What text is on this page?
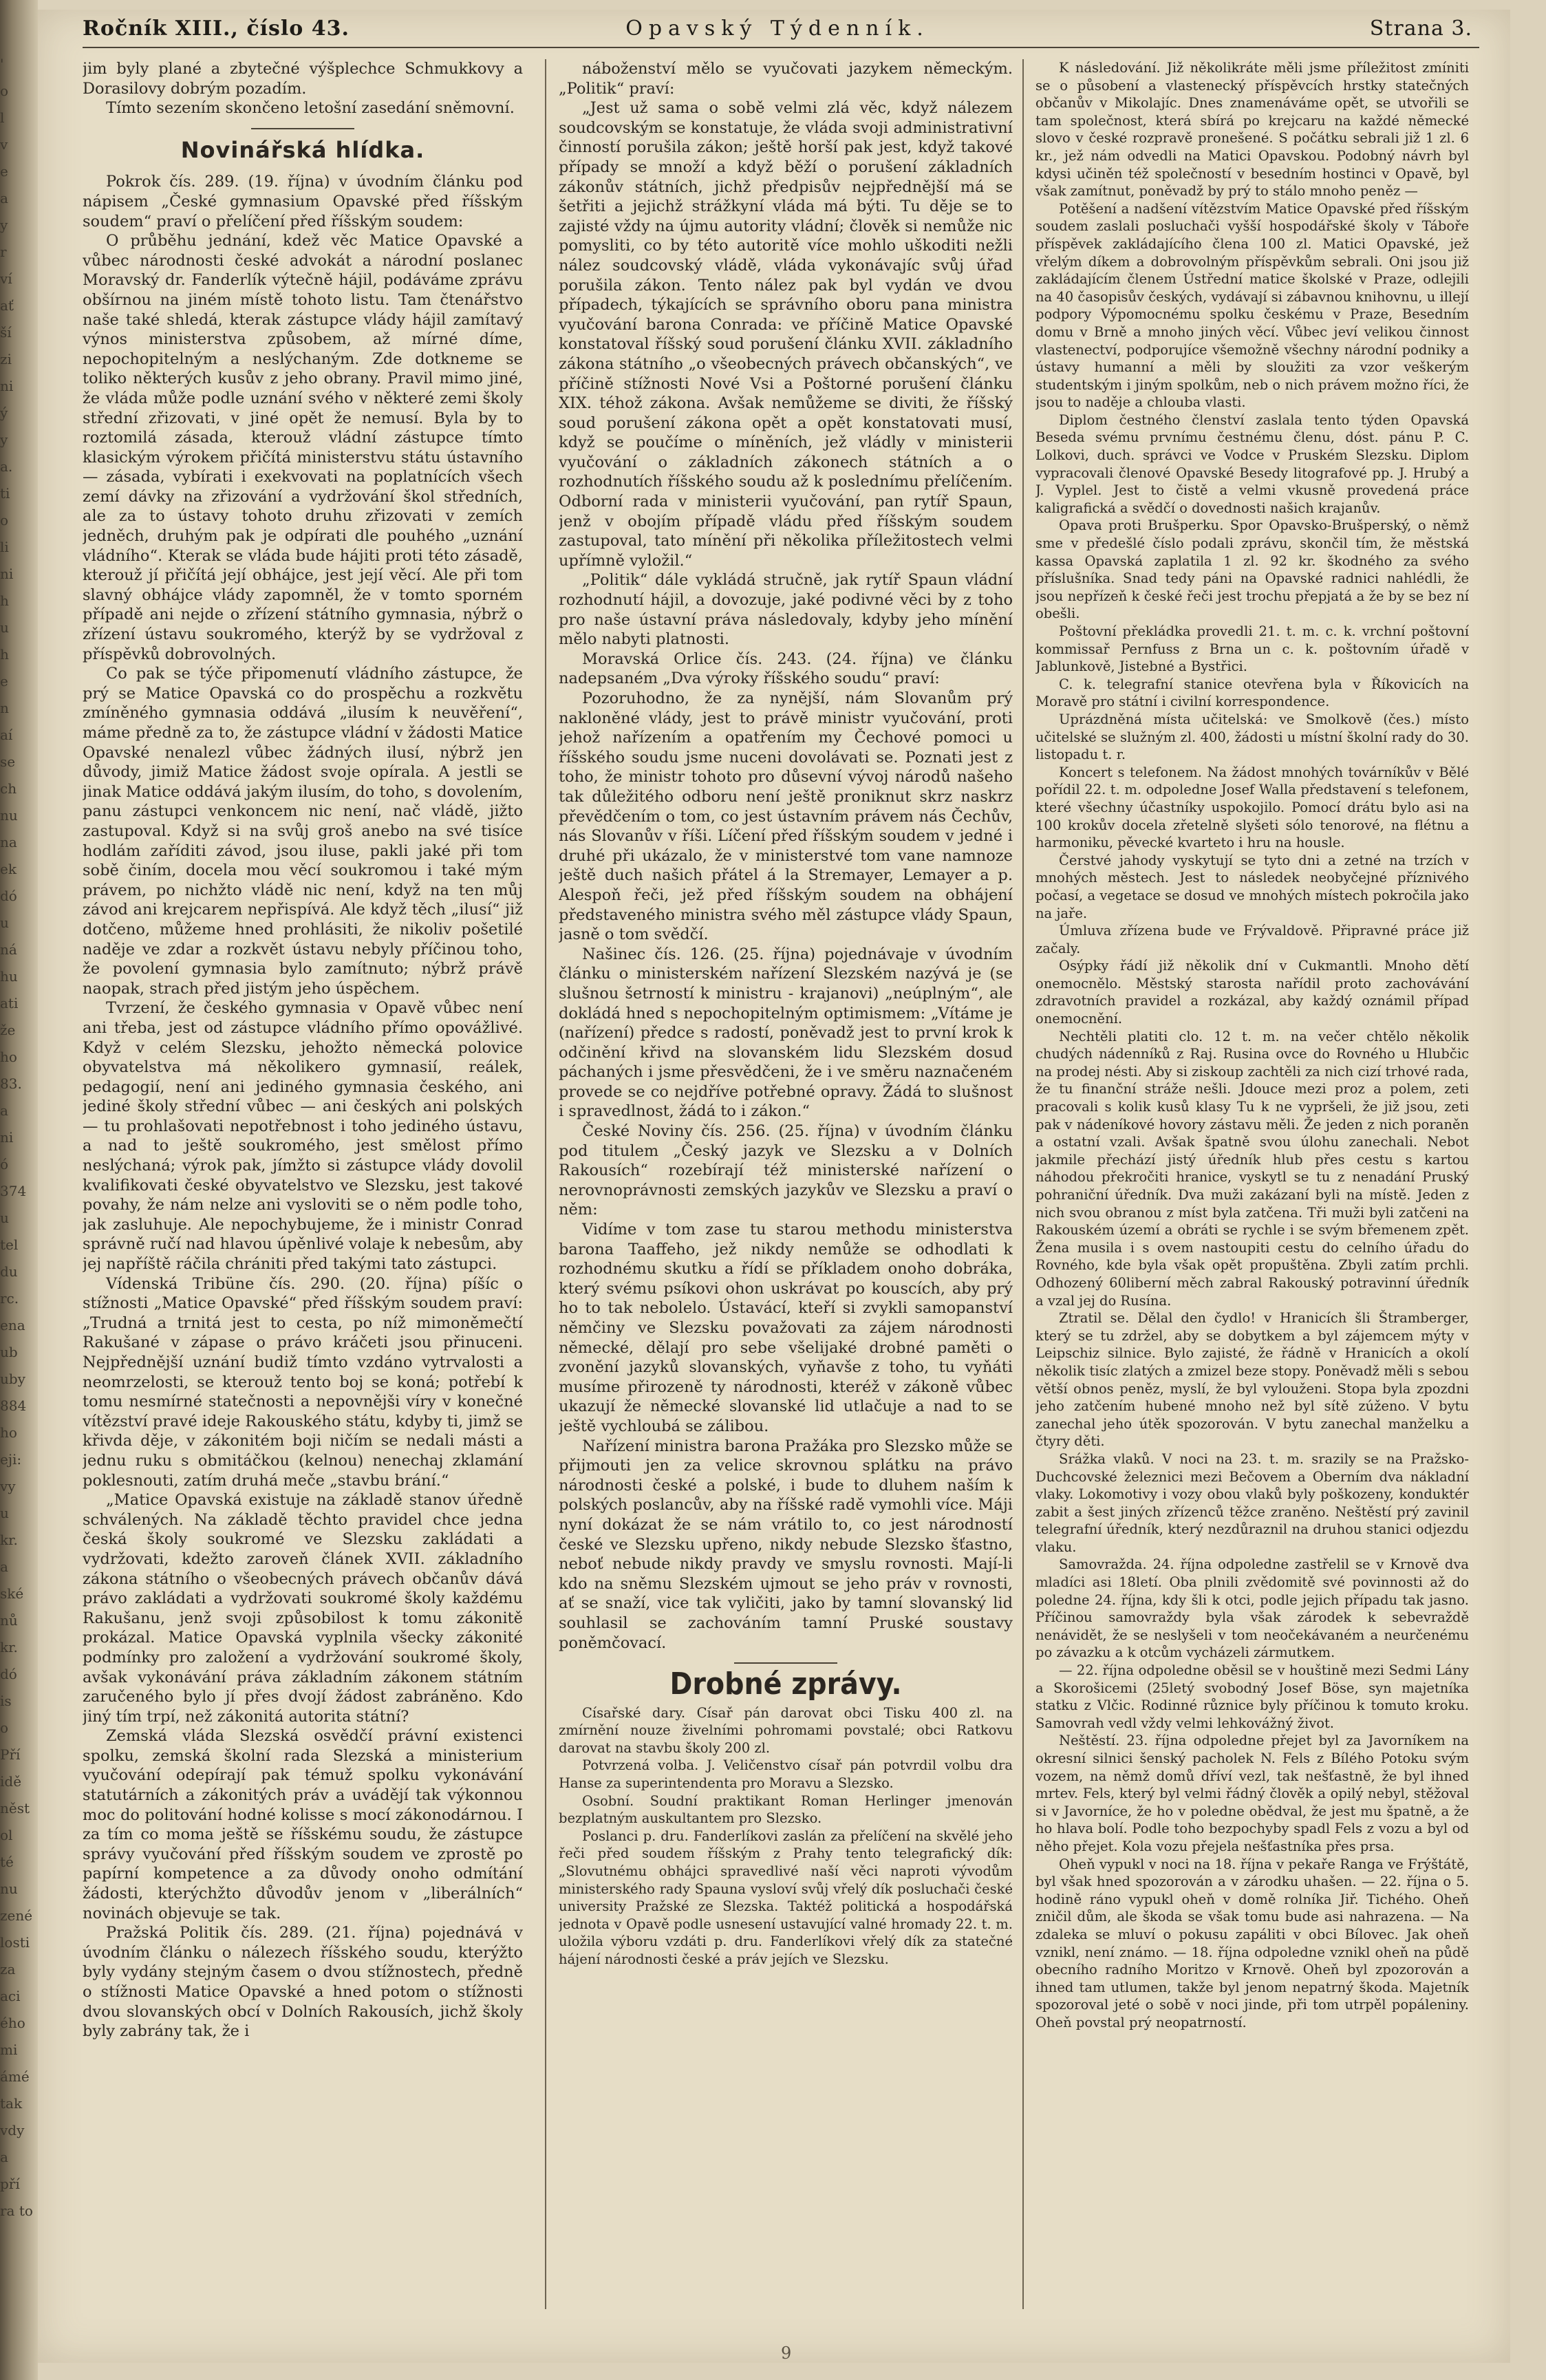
'
o
l
v
e
a
y
r
ví
ať
ší
zi
ni
ý
y
a.
ti
o
li
ni
h
u
h
e
n
aí
se
ch
nu
na
ek
dó
u
ná
hu
ati
že
ho
83.
a
ni
ó
374
u
tel
du
rc.
ena
ub
uby
884
ho
eji:
vy
u
kr.
a
ské
nů
kr.
dó
is
o
Pří
idě
něst
ol
té
nu
zené
losti
za
aci
ého
mi
ámé
tak
vdy
a
pří
ra to
Ročník XIII., číslo 43.	Opavský Týdenník.	Strana 3.

jim byly plané a zbytečné výšplechce Schmukkovy a Dorasilovy dobrým pozadím.

Tímto sezením skončeno letošní zasedání sněmovní.

Novinářská hlídka.

Pokrok čís. 289. (19. října) v úvodním článku pod nápisem „České gymnasium Opavské před říšským soudem“ praví o přelíčení před říšským soudem:

O průběhu jednání, kdež věc Matice Opavské a vůbec národnosti české advokát a národní poslanec Moravský dr. Fanderlík výtečně hájil, podáváme zprávu obšírnou na jiném místě tohoto listu. Tam čtenářstvo naše také shledá, kterak zástupce vlády hájil zamítavý výnos ministerstva způsobem, až mírné díme, nepochopitelným a neslýchaným. Zde dotkneme se toliko některých kusův z jeho obrany. Pravil mimo jiné, že vláda může podle uznání svého v některé zemi školy střední zřizovati, v jiné opět že nemusí. Byla by to roztomilá zásada, kterouž vládní zástupce tímto klasickým výrokem přičítá ministerstvu státu ústavního — zásada, vybírati i exekvovati na poplatnících všech zemí dávky na zřizování a vydržování škol středních, ale za to ústavy tohoto druhu zřizovati v zemích jedněch, druhým pak je odpírati dle pouhého „uznání vládního“. Kterak se vláda bude hájiti proti této zásadě, kterouž jí přičítá její obhájce, jest její věcí. Ale při tom slavný obhájce vlády zapomněl, že v tomto sporném případě ani nejde o zřízení státního gymnasia, nýbrž o zřízení ústavu soukromého, kterýž by se vydržoval z příspěvků dobrovolných.

Co pak se týče připomenutí vládního zástupce, že prý se Matice Opavská co do prospěchu a rozkvětu zmíněného gymnasia oddává „ilusím k neuvěření“, máme předně za to, že zástupce vládní v žádosti Matice Opavské nenalezl vůbec žádných ilusí, nýbrž jen důvody, jimiž Matice žádost svoje opírala. A jestli se jinak Matice oddává jakým ilusím, do toho, s dovolením, panu zástupci venkoncem nic není, nač vládě, jižto zastupoval. Když si na svůj groš anebo na své tisíce hodlám zaříditi závod, jsou iluse, pakli jaké při tom sobě činím, docela mou věcí soukromou i také mým právem, po nichžto vládě nic není, když na ten můj závod ani krejcarem nepřispívá. Ale když těch „ilusí“ již dotčeno, můžeme hned prohlásiti, že nikoliv pošetilé naděje ve zdar a rozkvět ústavu nebyly příčinou toho, že povolení gymnasia bylo zamítnuto; nýbrž právě naopak, strach před jistým jeho úspěchem.

Tvrzení, že českého gymnasia v Opavě vůbec není ani třeba, jest od zástupce vládního přímo opovážlivé. Když v celém Slezsku, jehožto německá polovice obyvatelstva má několikero gymnasií, reálek, pedagogií, není ani jediného gymnasia českého, ani jediné školy střední vůbec — ani českých ani polských — tu prohlašovati nepotřebnost i toho jediného ústavu, a nad to ještě soukromého, jest smělost přímo neslýchaná; výrok pak, jímžto si zástupce vlády dovolil kvalifikovati české obyvatelstvo ve Slezsku, jest takové povahy, že nám nelze ani vysloviti se o něm podle toho, jak zasluhuje. Ale nepochybujeme, že i ministr Conrad správně ručí nad hlavou úpěnlivé volaje k nebesům, aby jej napříště ráčila chrániti před takými tato zástupci.

Vídenská Tribüne čís. 290. (20. října) píšíc o stížnosti „Matice Opavské“ před říšským soudem praví: „Trudná a trnitá jest to cesta, po níž mimoněmečtí Rakušané v zápase o právo kráčeti jsou přinuceni. Nejpřednější uznání budiž tímto vzdáno vytrvalosti a neomrzelosti, se kterouž tento boj se koná; potřebí k tomu nesmírné statečnosti a nepovnějši víry v konečné vítězství pravé ideje Rakouského státu, kdyby ti, jimž se křivda děje, v zákonitém boji ničím se nedali másti a jednu ruku s obmitáčkou (kelnou) nenechaj zklamání poklesnouti, zatím druhá meče „stavbu brání.“

„Matice Opavská existuje na základě stanov úředně schválených. Na základě těchto pravidel chce jedna česká školy soukromé ve Slezsku zakládati a vydržovati, kdežto zaroveň článek XVII. základního zákona státního o všeobecných právech občanův dává právo zakládati a vydržovati soukromé školy každému Rakušanu, jenž svoji způsobilost k tomu zákonitě prokázal. Matice Opavská vyplnila všecky zákonité podmínky pro založení a vydržování soukromé školy, avšak vykonávání práva základním zákonem státním zaručeného bylo jí přes dvojí žádost zabráněno. Kdo jiný tím trpí, než zákonitá autorita státní?

Zemská vláda Slezská osvědčí právní existenci spolku, zemská školní rada Slezská a ministerium vyučování odepírají pak témuž spolku vykonávání statutárních a zákonitých práv a uvádějí tak výkonnou moc do politování hodné kolisse s mocí zákonodárnou. I za tím co moma ještě se říšskému soudu, že zástupce správy vyučování před říšským soudem ve zprostě po papírní kompetence a za důvody onoho odmítání žádosti, kterýchžto důvodův jenom v „liberálních“ novinách objevuje se tak.

Pražská Politik čís. 289. (21. října) pojednává v úvodním článku o nálezech říšského soudu, kterýžto byly vydány stejným časem o dvou stížnostech, předně o stížnosti Matice Opavské a hned potom o stížnosti dvou slovanských obcí v Dolních Rakousích, jichž školy byly zabrány tak, že i

náboženství mělo se vyučovati jazykem německým. „Politik“ praví:

„Jest už sama o sobě velmi zlá věc, když nálezem soudcovským se konstatuje, že vláda svoji administrativní činností porušila zákon; ještě horší pak jest, když takové případy se množí a když běží o porušení základních zákonův státních, jichž předpisův nejpřednější má se šetřiti a jejichž strážkyní vláda má býti. Tu děje se to zajisté vždy na újmu autority vládní; člověk si nemůže nic pomysliti, co by této autoritě více mohlo uškoditi nežli nález soudcovský vládě, vláda vykonávajíc svůj úřad porušila zákon. Tento nález pak byl vydán ve dvou případech, týkajících se správního oboru pana ministra vyučování barona Conrada: ve příčině Matice Opavské konstatoval říšský soud porušení článku XVII. základního zákona státního „o všeobecných právech občanských“, ve příčině stížnosti Nové Vsi a Poštorné porušení článku XIX. téhož zákona. Avšak nemůžeme se diviti, že říšský soud porušení zákona opět a opět konstatovati musí, když se poučíme o míněních, jež vládly v ministerii vyučování o základních zákonech státních a o rozhodnutích říšského soudu až k poslednímu přelíčením. Odborní rada v ministerii vyučování, pan rytíř Spaun, jenž v obojím případě vládu před říšským soudem zastupoval, tato mínění při několika příležitostech velmi upřímně vyložil.“

„Politik“ dále vykládá stručně, jak rytíř Spaun vládní rozhodnutí hájil, a dovozuje, jaké podivné věci by z toho pro naše ústavní práva následovaly, kdyby jeho mínění mělo nabyti platnosti.

Moravská Orlice čís. 243. (24. října) ve článku nadepsaném „Dva výroky říšského soudu“ praví:

Pozoruhodno, že za nynější, nám Slovanům prý nakloněné vlády, jest to právě ministr vyučování, proti jehož nařízením a opatřením my Čechové pomoci u říšského soudu jsme nuceni dovolávati se. Poznati jest z toho, že ministr tohoto pro důsevní vývoj národů našeho tak důležitého odboru není ještě proniknut skrz naskrz převědčením o tom, co jest ústavním právem nás Čechův, nás Slovanův v říši. Líčení před říšským soudem v jedné i druhé při ukázalo, že v ministerstvé tom vane namnoze ještě duch našich přátel á la Stremayer, Lemayer a p. Alespoň řeči, jež před říšským soudem na obhájení představeného ministra svého měl zástupce vlády Spaun, jasně o tom svědčí.

Našinec čís. 126. (25. října) pojednávaje v úvodním článku o ministerském nařízení Slezském nazývá je (se slušnou šetrností k ministru - krajanovi) „neúplným“, ale dokládá hned s nepochopitelným optimismem: „Vítáme je (nařízení) předce s radostí, poněvadž jest to první krok k odčinění křivd na slovanském lidu Slezském dosud páchaných i jsme přesvědčeni, že i ve směru naznačeném provede se co nejdříve potřebné opravy. Žádá to slušnost i spravedlnost, žádá to i zákon.“

České Noviny čís. 256. (25. října) v úvodním článku pod titulem „Český jazyk ve Slezsku a v Dolních Rakousích“ rozebírají též ministerské nařízení o nerovnoprávnosti zemských jazykův ve Slezsku a praví o něm:

Vidíme v tom zase tu starou methodu ministerstva barona Taaffeho, jež nikdy nemůže se odhodlati k rozhodnému skutku a řídí se příkladem onoho dobráka, který svému psíkovi ohon uskrávat po kouscích, aby prý ho to tak nebolelo. Ústavácí, kteří si zvykli samopanství němčiny ve Slezsku považovati za zájem národnosti německé, dělají pro sebe všelijaké drobné paměti o zvonění jazyků slovanských, vyňavše z toho, tu vyňáti musíme přirozeně ty národnosti, kteréž v zákoně vůbec ukazují že německé slovanské lid utlačuje a nad to se ještě vychloubá se zálibou.

Nařízení ministra barona Pražáka pro Slezsko může se přijmouti jen za velice skrovnou splátku na právo národnosti české a polské, i bude to dluhem naším k polských poslancův, aby na říšské radě vymohli více. Máji nyní dokázat že se nám vrátilo to, co jest národností české ve Slezsku upřeno, nikdy nebude Slezsko šťastno, neboť nebude nikdy pravdy ve smyslu rovnosti. Mají-li kdo na sněmu Slezském ujmout se jeho práv v rovnosti, ať se snaží, vice tak vyličiti, jako by tamní slovanský lid souhlasil se zachováním tamní Pruské soustavy poněmčovací.

Drobné zprávy.

Císařské dary. Císař pán darovat obci Tisku 400 zl. na zmírnění nouze živelními pohromami povstalé; obci Ratkovu darovat na stavbu školy 200 zl.

Potvrzená volba. J. Veličenstvo císař pán potvrdil volbu dra Hanse za superintendenta pro Moravu a Slezsko.

Osobní. Soudní praktikant Roman Herlinger jmenován bezplatným auskultantem pro Slezsko.

Poslanci p. dru. Fanderlíkovi zaslán za přelíčení na skvělé jeho řeči před soudem říšským z Prahy tento telegrafický dík: „Slovutnému obhájci spravedlivé naší věci naproti vývodům ministerského rady Spauna vysloví svůj vřelý dík posluchači české university Pražské ze Slezska. Taktéž politická a hospodářská jednota v Opavě podle usnesení ustavující valné hromady 22. t. m. uložila výboru vzdáti p. dru. Fanderlíkovi vřelý dík za statečné hájení národnosti české a práv jejích ve Slezsku.

K následování. Již několikráte měli jsme příležitost zmíniti se o působení a vlastenecký příspěvcích hrstky statečných občanův v Mikolajíc. Dnes znamenáváme opět, se utvořili se tam společnost, která sbírá po krejcaru na každé německé slovo v české rozpravě pronešené. S počátku sebrali již 1 zl. 6 kr., jež nám odvedli na Matici Opavskou. Podobný návrh byl kdysi učiněn též společností v besedním hostinci v Opavě, byl však zamítnut, poněvadž by prý to stálo mnoho peněz —

Potěšení a nadšení vítězstvím Matice Opavské před říšským soudem zaslali posluchači vyšší hospodářské školy v Táboře příspěvek zakládajícího člena 100 zl. Matici Opavské, jež vřelým díkem a dobrovolným příspěvkům sebrali. Oni jsou již zakládajícím členem Ústřední matice školské v Praze, odlejili na 40 časopisův českých, vydávají si zábavnou knihovnu, u illejí podpory Výpomocnému spolku českému v Praze, Besedním domu v Brně a mnoho jiných věcí. Vůbec jeví velikou činnost vlastenectví, podporujíce všemožně všechny národní podniky a ústavy humanní a měli by sloužiti za vzor veškerým studentským i jiným spolkům, neb o nich právem možno říci, že jsou to naděje a chlouba vlasti.

Diplom čestného členství zaslala tento týden Opavská Beseda svému prvnímu čestnému členu, dóst. pánu P. C. Lolkovi, duch. správci ve Vodce v Pruském Slezsku. Diplom vypracovali členové Opavské Besedy litografové pp. J. Hrubý a J. Vyplel. Jest to čistě a velmi vkusně provedená práce kaligrafická a svědčí o dovednosti našich krajanův.

Opava proti Brušperku. Spor Opavsko-Brušperský, o němž sme v předešlé číslo podali zprávu, skončil tím, že městská kassa Opavská zaplatila 1 zl. 92 kr. škodného za svého příslušníka. Snad tedy páni na Opavské radnici nahlédli, že jsou nepřízeň k české řeči jest trochu přepjatá a že by se bez ní obešli.

Poštovní překládka provedli 21. t. m. c. k. vrchní poštovní kommissař Pernfuss z Brna un c. k. poštovním úřadě v Jablunkově, Jistebné a Bystřici.

C. k. telegrafní stanice otevřena byla v Říkovicích na Moravě pro státní i civilní korrespondence.

Uprázdněná místa učitelská: ve Smolkově (čes.) místo učitelské se služným zl. 400, žádosti u místní školní rady do 30. listopadu t. r.

Koncert s telefonem. Na žádost mnohých továrníkův v Bělé pořídil 22. t. m. odpoledne Josef Walla představení s telefonem, které všechny účastníky uspokojilo. Pomocí drátu bylo asi na 100 krokův docela zřetelně slyšeti sólo tenorové, na flétnu a harmoniku, pěvecké kvarteto i hru na housle.

Čerstvé jahody vyskytují se tyto dni a zetné na trzích v mnohých městech. Jest to následek neobyčejné příznivého počasí, a vegetace se dosud ve mnohých místech pokročila jako na jaře.

Úmluva zřízena bude ve Frývaldově. Připravné práce již začaly.

Osýpky řádí již několik dní v Cukmantli. Mnoho dětí onemocnělo. Městský starosta nařídil proto zachovávání zdravotních pravidel a rozkázal, aby každý oznámil případ onemocnění.

Nechtěli platiti clo. 12 t. m. na večer chtělo několik chudých nádenníků z Raj. Rusina ovce do Rovného u Hlubčic na prodej nésti. Aby si ziskoup zachtěli za nich cizí trhové rada, že tu finanční stráže nešli. Jdouce mezi proz a polem, zeti pracovali s kolik kusů klasy Tu k ne vypršeli, že již jsou, zeti pak v nádeníkové hovory zástavu měli. Že jeden z nich poraněn a ostatní vzali. Avšak špatně svou úlohu zanechali. Nebot jakmile přechází jistý úředník hlub přes cestu s kartou náhodou překročiti hranice, vyskytl se tu z nenadání Pruský pohraniční úředník. Dva muži zakázaní byli na místě. Jeden z nich svou obranou z míst byla zatčena. Tři muži byli zatčeni na Rakouském území a obráti se rychle i se svým břemenem zpět. Žena musila i s ovem nastoupiti cestu do celního úřadu do Rovného, kde byla však opět propuštěna. Zbyli zatím prchli. Odhozený 60liberní měch zabral Rakouský potravinní úředník a vzal jej do Rusína.

Ztratil se. Dělal den čydlo! v Hranicích šli Štramberger, který se tu zdržel, aby se dobytkem a byl zájemcem mýty v Leipschiz silnice. Bylo zajisté, že řádně v Hranicích a okolí několik tisíc zlatých a zmizel beze stopy. Poněvadž měli s sebou větší obnos peněz, myslí, že byl vylouženi. Stopa byla zpozdni jeho zatčením hubené mnoho než byl sítě zúženo. V bytu zanechal jeho útěk spozorován. V bytu zanechal manželku a čtyry děti.

Srážka vlaků. V noci na 23. t. m. srazily se na Pražsko-Duchcovské železnici mezi Bečovem a Oberním dva nákladní vlaky. Lokomotivy i vozy obou vlaků byly poškozeny, konduktér zabit a šest jiných zřízenců těžce zraněno. Neštěstí prý zavinil telegrafní úředník, který nezdůraznil na druhou stanici odjezdu vlaku.

Samovražda. 24. října odpoledne zastřelil se v Krnově dva mladíci asi 18letí. Oba plnili zvědomitě své povinnosti až do poledne 24. října, kdy šli k otci, podle jejich případu tak jasno. Příčinou samovraždy byla však zárodek k sebevraždě nenávidět, že se neslyšeli v tom neočekávaném a neurčenému po závazku a k otcům vycházeli zármutkem.

— 22. října odpoledne oběsil se v houštině mezi Sedmi Lány a Skorošicemi (25letý svobodný Josef Böse, syn majetníka statku z Vlčic. Rodinné různice byly příčinou k tomuto kroku. Samovrah vedl vždy velmi lehkovážný život.

Neštěstí. 23. října odpoledne přejet byl za Javorníkem na okresní silnici šenský pacholek N. Fels z Bílého Potoku svým vozem, na němž domů dříví vezl, tak nešťastně, že byl ihned mrtev. Fels, který byl velmi řádný člověk a opilý nebyl, stěžoval si v Javorníce, že ho v poledne obědval, že jest mu špatně, a že ho hlava bolí. Podle toho bezpochyby spadl Fels z vozu a byl od něho přejet. Kola vozu přejela nešťastníka přes prsa.

Oheň vypukl v noci na 18. října v pekaře Ranga ve Frýštátě, byl však hned spozorován a v zárodku uhašen. — 22. října o 5. hodině ráno vypukl oheň v domě rolníka Jiř. Tichého. Oheň zničil dům, ale škoda se však tomu bude asi nahrazena. — Na zdaleka se mluví o pokusu zapáliti v obci Bílovec. Jak oheň vznikl, není známo. — 18. října odpoledne vznikl oheň na půdě obecního radního Moritzo v Krnově. Oheň byl zpozorován a ihned tam utlumen, takže byl jenom nepatrný škoda. Majetník spozoroval jeté o sobě v noci jinde, při tom utrpěl popáleniny. Oheň povstal prý neopatrností.

9
